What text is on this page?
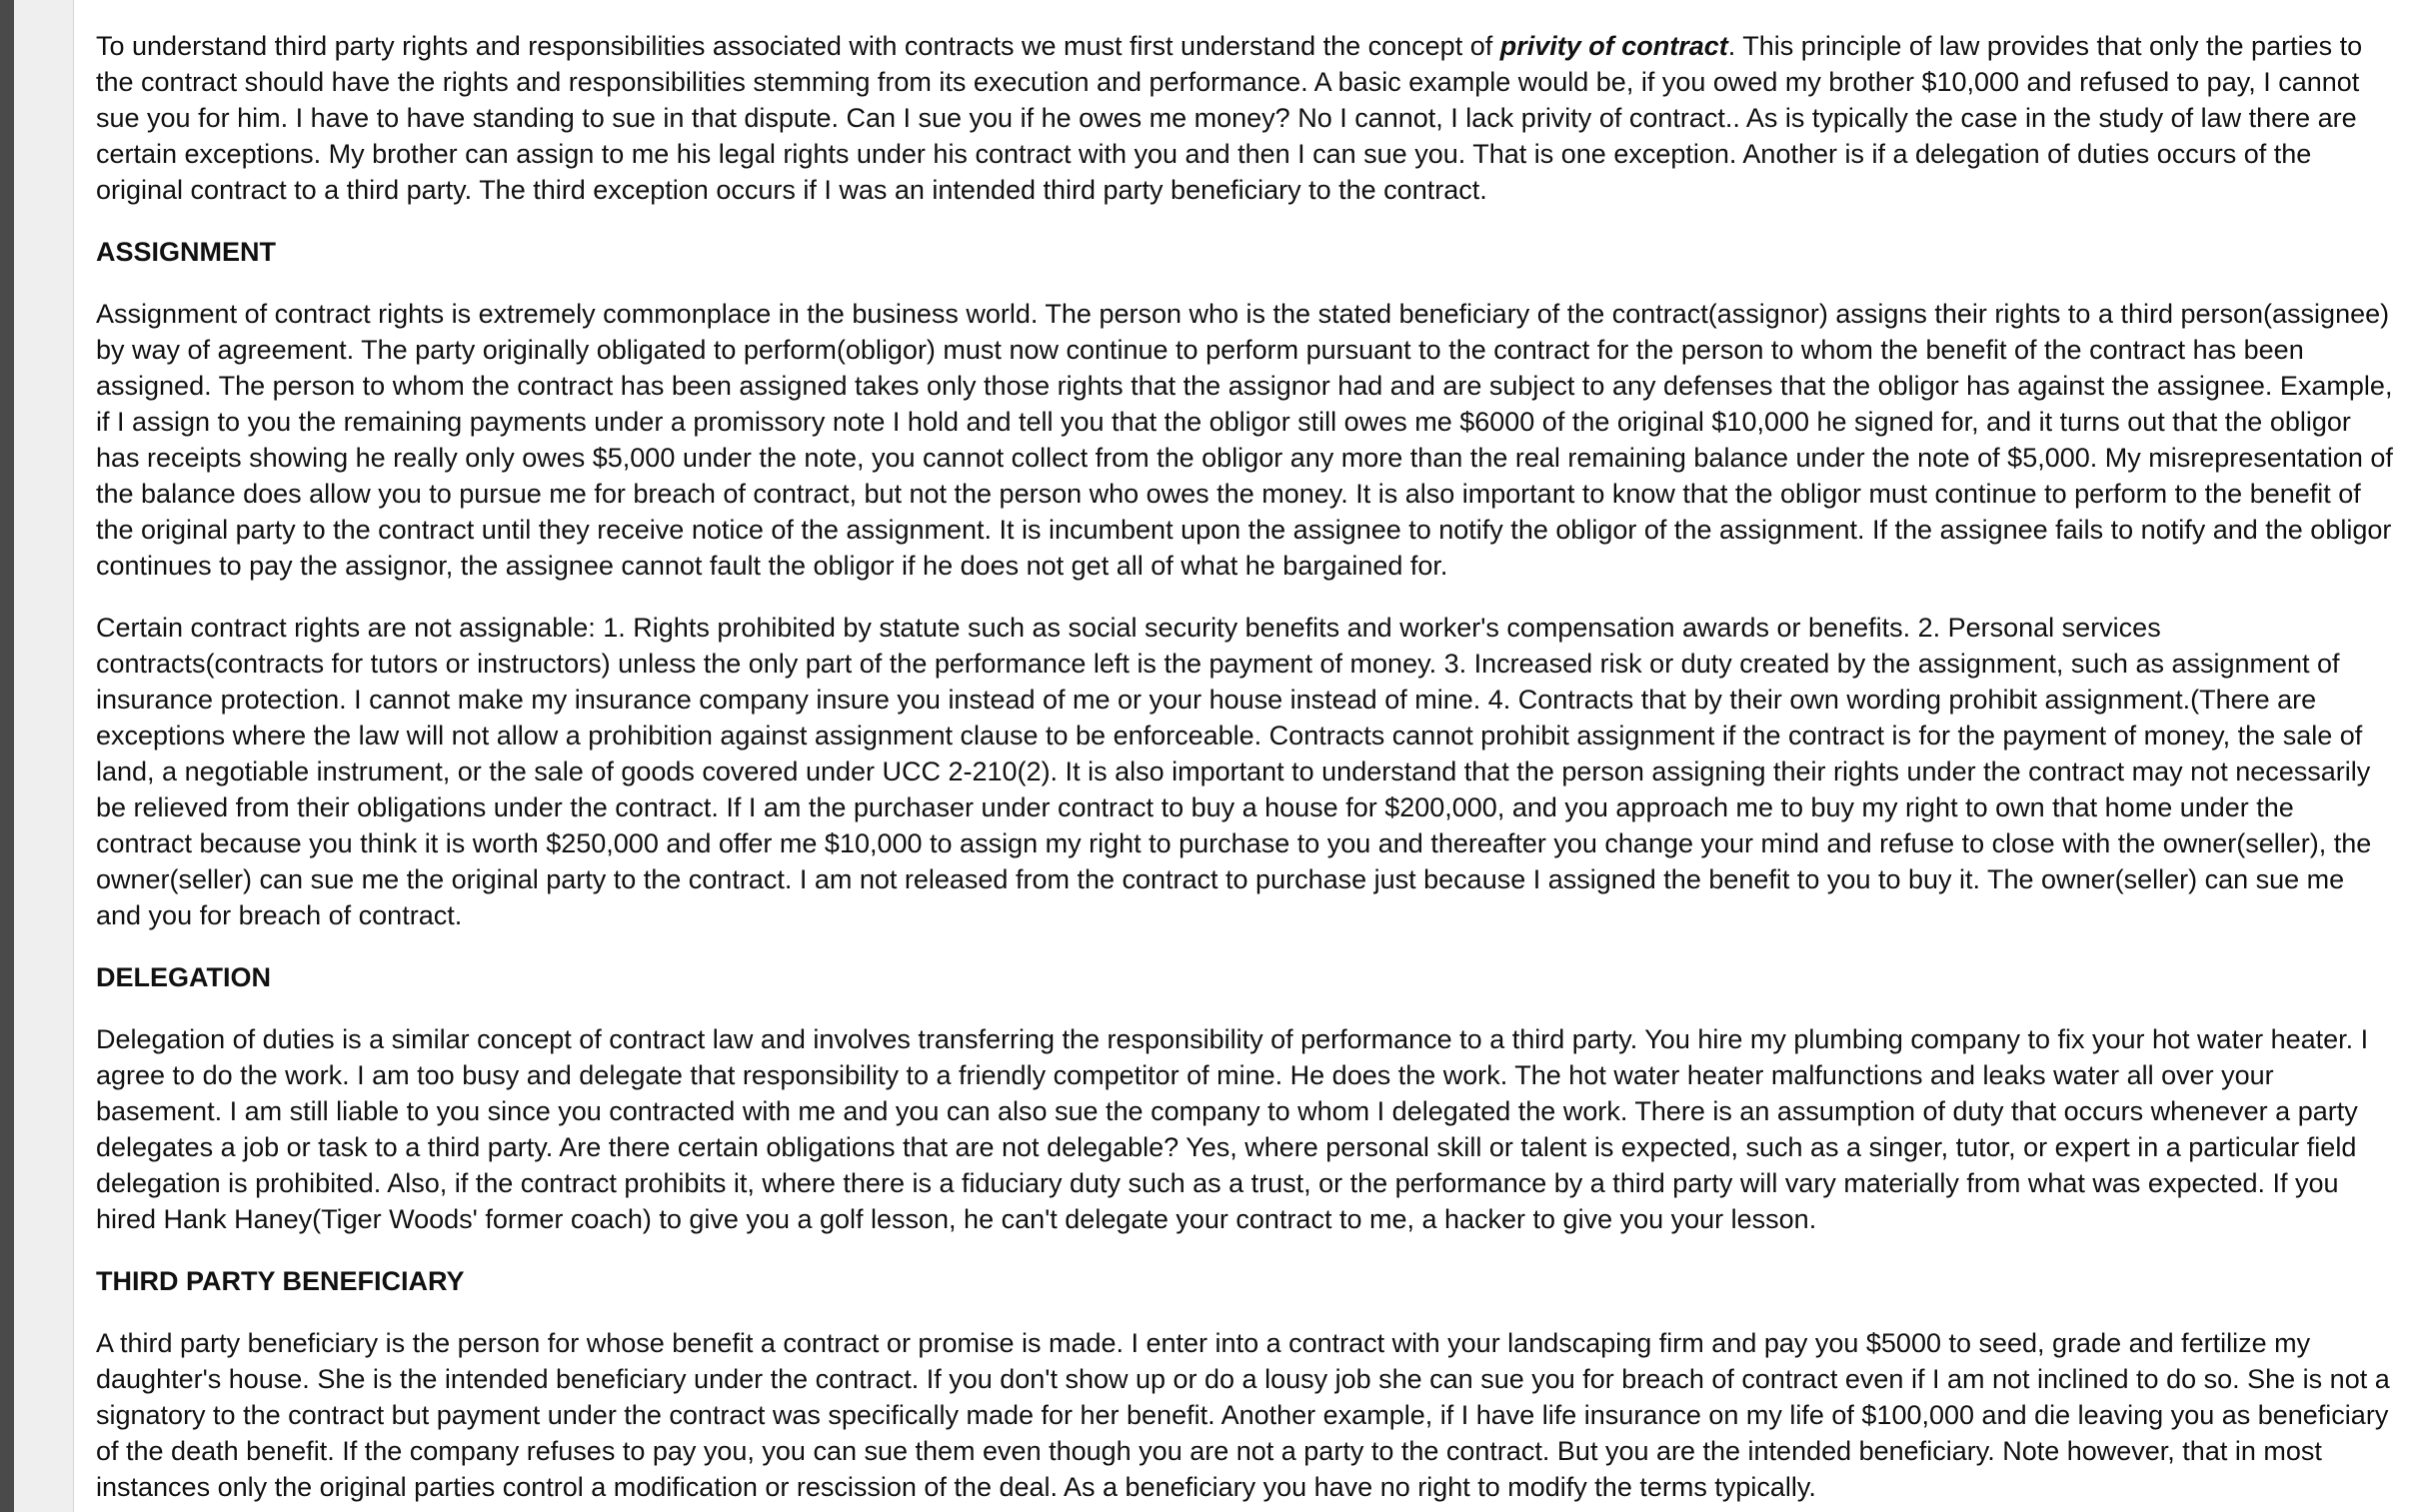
To understand third party rights and responsibilities associated with contracts we must first understand the concept of privity of contract. This principle of law provides that only the parties to the contract should have the rights and responsibilities stemming from its execution and performance. A basic example would be, if you owed my brother $10,000 and refused to pay, I cannot sue you for him. I have to have standing to sue in that dispute. Can I sue you if he owes me money? No I cannot, I lack privity of contract.. As is typically the case in the study of law there are certain exceptions. My brother can assign to me his legal rights under his contract with you and then I can sue you. That is one exception. Another is if a delegation of duties occurs of the original contract to a third party. The third exception occurs if I was an intended third party beneficiary to the contract.

ASSIGNMENT

Assignment of contract rights is extremely commonplace in the business world. The person who is the stated beneficiary of the contract(assignor) assigns their rights to a third person(assignee) by way of agreement. The party originally obligated to perform(obligor) must now continue to perform pursuant to the contract for the person to whom the benefit of the contract has been assigned. The person to whom the contract has been assigned takes only those rights that the assignor had and are subject to any defenses that the obligor has against the assignee. Example, if I assign to you the remaining payments under a promissory note I hold and tell you that the obligor still owes me $6000 of the original $10,000 he signed for, and it turns out that the obligor has receipts showing he really only owes $5,000 under the note, you cannot collect from the obligor any more than the real remaining balance under the note of $5,000. My misrepresentation of the balance does allow you to pursue me for breach of contract, but not the person who owes the money. It is also important to know that the obligor must continue to perform to the benefit of the original party to the contract until they receive notice of the assignment. It is incumbent upon the assignee to notify the obligor of the assignment. If the assignee fails to notify and the obligor continues to pay the assignor, the assignee cannot fault the obligor if he does not get all of what he bargained for.

Certain contract rights are not assignable: 1. Rights prohibited by statute such as social security benefits and worker's compensation awards or benefits. 2. Personal services contracts(contracts for tutors or instructors) unless the only part of the performance left is the payment of money. 3. Increased risk or duty created by the assignment, such as assignment of insurance protection. I cannot make my insurance company insure you instead of me or your house instead of mine. 4. Contracts that by their own wording prohibit assignment.(There are exceptions where the law will not allow a prohibition against assignment clause to be enforceable. Contracts cannot prohibit assignment if the contract is for the payment of money, the sale of land, a negotiable instrument, or the sale of goods covered under UCC 2-210(2). It is also important to understand that the person assigning their rights under the contract may not necessarily be relieved from their obligations under the contract. If I am the purchaser under contract to buy a house for $200,000, and you approach me to buy my right to own that home under the contract because you think it is worth $250,000 and offer me $10,000 to assign my right to purchase to you and thereafter you change your mind and refuse to close with the owner(seller), the owner(seller) can sue me the original party to the contract. I am not released from the contract to purchase just because I assigned the benefit to you to buy it. The owner(seller) can sue me and you for breach of contract.

DELEGATION

Delegation of duties is a similar concept of contract law and involves transferring the responsibility of performance to a third party. You hire my plumbing company to fix your hot water heater. I agree to do the work. I am too busy and delegate that responsibility to a friendly competitor of mine. He does the work. The hot water heater malfunctions and leaks water all over your basement. I am still liable to you since you contracted with me and you can also sue the company to whom I delegated the work. There is an assumption of duty that occurs whenever a party delegates a job or task to a third party. Are there certain obligations that are not delegable? Yes, where personal skill or talent is expected, such as a singer, tutor, or expert in a particular field delegation is prohibited. Also, if the contract prohibits it, where there is a fiduciary duty such as a trust, or the performance by a third party will vary materially from what was expected. If you hired Hank Haney(Tiger Woods' former coach) to give you a golf lesson, he can't delegate your contract to me, a hacker to give you your lesson.

THIRD PARTY BENEFICIARY

A third party beneficiary is the person for whose benefit a contract or promise is made. I enter into a contract with your landscaping firm and pay you $5000 to seed, grade and fertilize my daughter's house. She is the intended beneficiary under the contract. If you don't show up or do a lousy job she can sue you for breach of contract even if I am not inclined to do so. She is not a signatory to the contract but payment under the contract was specifically made for her benefit. Another example, if I have life insurance on my life of $100,000 and die leaving you as beneficiary of the death benefit. If the company refuses to pay you, you can sue them even though you are not a party to the contract. But you are the intended beneficiary. Note however, that in most instances only the original parties control a modification or rescission of the deal. As a beneficiary you have no right to modify the terms typically.
